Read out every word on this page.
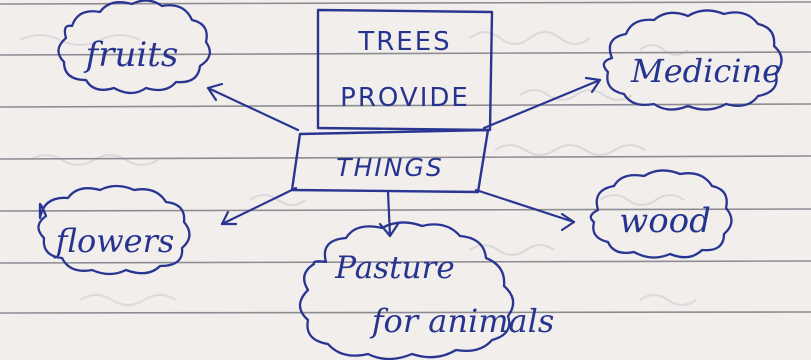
TREES
PROVIDE
THINGS
fruits	Medicine
flowers	wood
Pasture
for animals
